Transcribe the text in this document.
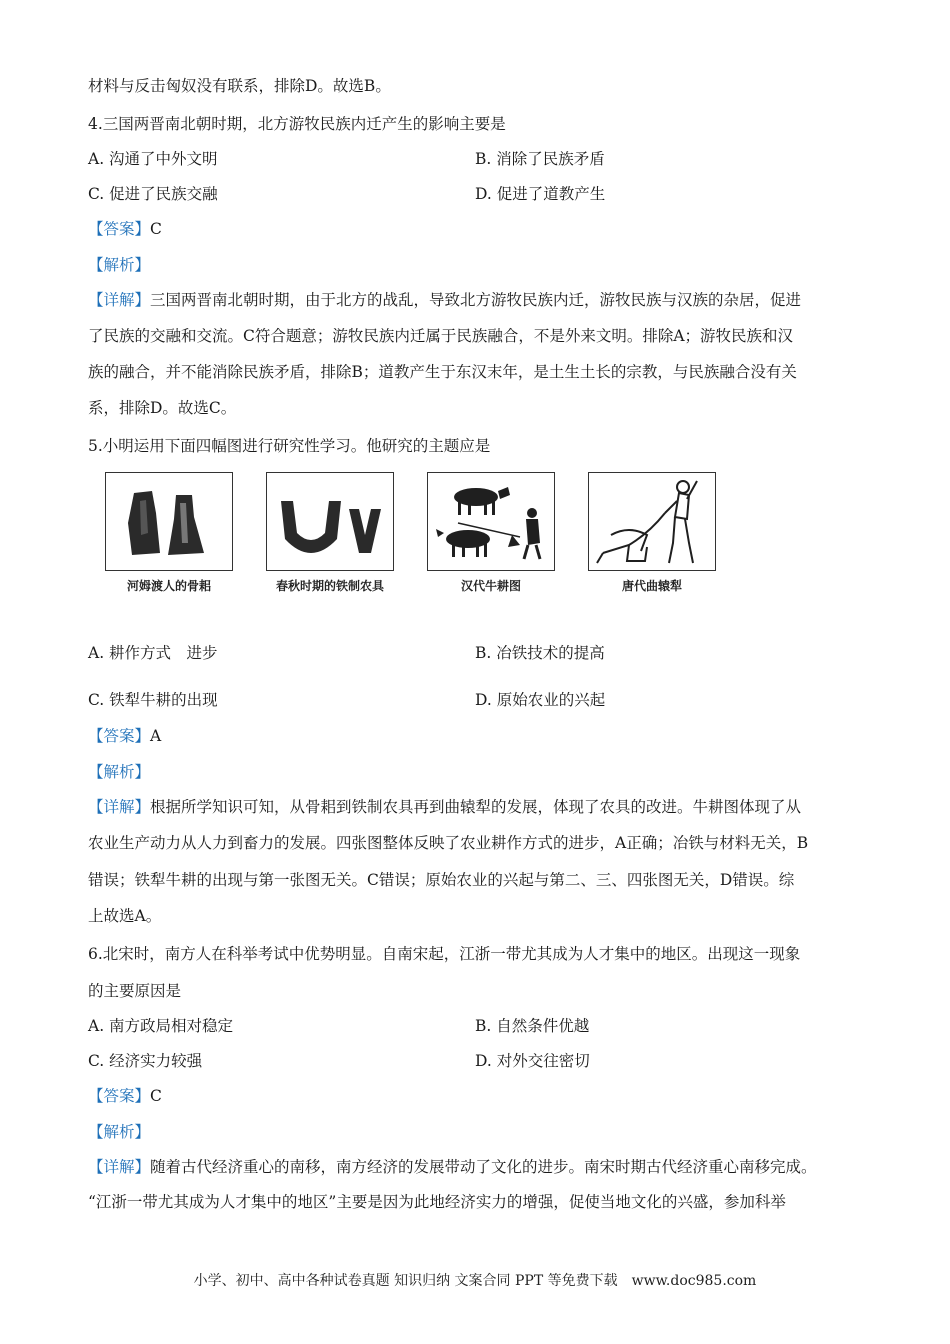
材料与反击匈奴没有联系，排除D。故选B。
4.三国两晋南北朝时期，北方游牧民族内迁产生的影响主要是
A. 沟通了中外文明	B. 消除了民族矛盾
C. 促进了民族交融	D. 促进了道教产生
【答案】C
【解析】
【详解】三国两晋南北朝时期，由于北方的战乱，导致北方游牧民族内迁，游牧民族与汉族的杂居，促进
了民族的交融和交流。C符合题意；游牧民族内迁属于民族融合，不是外来文明。排除A；游牧民族和汉
族的融合，并不能消除民族矛盾，排除B；道教产生于东汉末年，是土生土长的宗教，与民族融合没有关
系，排除D。故选C。
5.小明运用下面四幅图进行研究性学习。他研究的主题应是
河姆渡人的骨耜	春秋时期的铁制农具	汉代牛耕图	唐代曲辕犁
A. 耕作方式　进步	B. 冶铁技术的提高
C. 铁犁牛耕的出现	D. 原始农业的兴起
【答案】A
【解析】
【详解】根据所学知识可知，从骨耜到铁制农具再到曲辕犁的发展，体现了农具的改进。牛耕图体现了从
农业生产动力从人力到畜力的发展。四张图整体反映了农业耕作方式的进步，A正确；冶铁与材料无关，B
错误；铁犁牛耕的出现与第一张图无关。C错误；原始农业的兴起与第二、三、四张图无关，D错误。综
上故选A。
6.北宋时，南方人在科举考试中优势明显。自南宋起，江浙一带尤其成为人才集中的地区。出现这一现象
的主要原因是
A. 南方政局相对稳定	B. 自然条件优越
C. 经济实力较强	D. 对外交往密切
【答案】C
【解析】
【详解】随着古代经济重心的南移，南方经济的发展带动了文化的进步。南宋时期古代经济重心南移完成。
“江浙一带尤其成为人才集中的地区”主要是因为此地经济实力的增强，促使当地文化的兴盛，参加科举
小学、初中、高中各种试卷真题 知识归纳 文案合同 PPT 等免费下载　www.doc985.com
